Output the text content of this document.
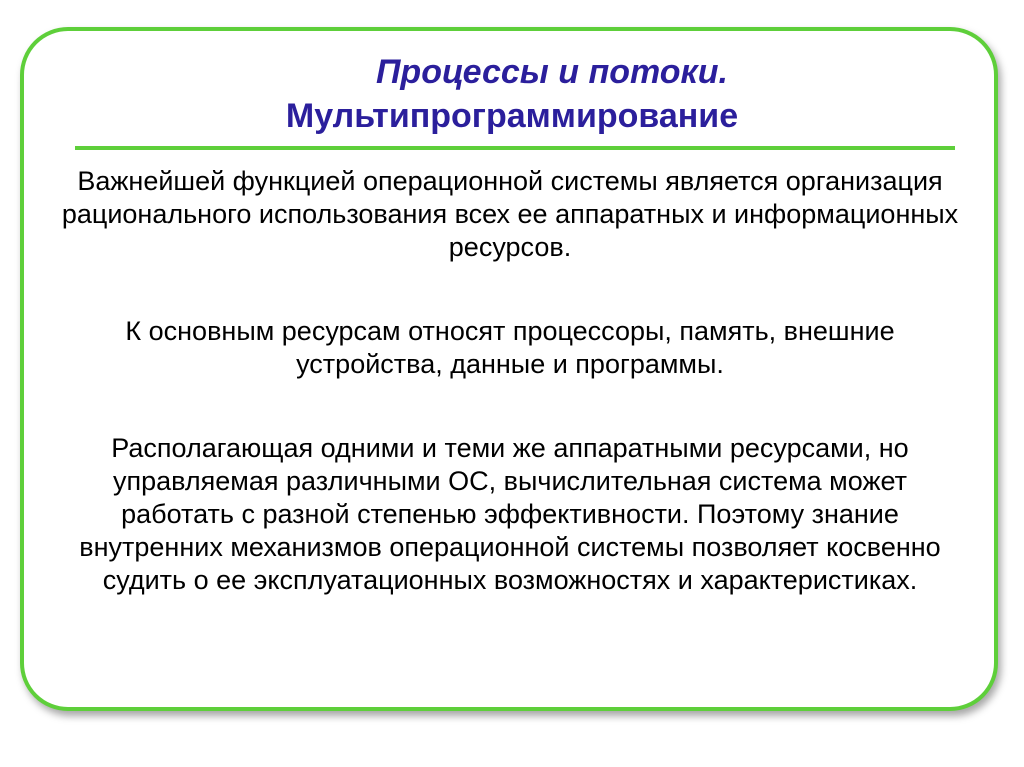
Процессы и потоки.
Мультипрограммирование
Важнейшей функцией операционной системы является организация рационального использования всех ее аппаратных и информационных ресурсов.
К основным ресурсам относят процессоры, память, внешние устройства, данные и программы.
Располагающая одними и теми же аппаратными ресурсами, но управляемая различными ОС, вычислительная система может работать с разной степенью эффективности. Поэтому знание внутренних механизмов операционной системы позволяет косвенно судить о ее эксплуатационных возможностях и характеристиках.
